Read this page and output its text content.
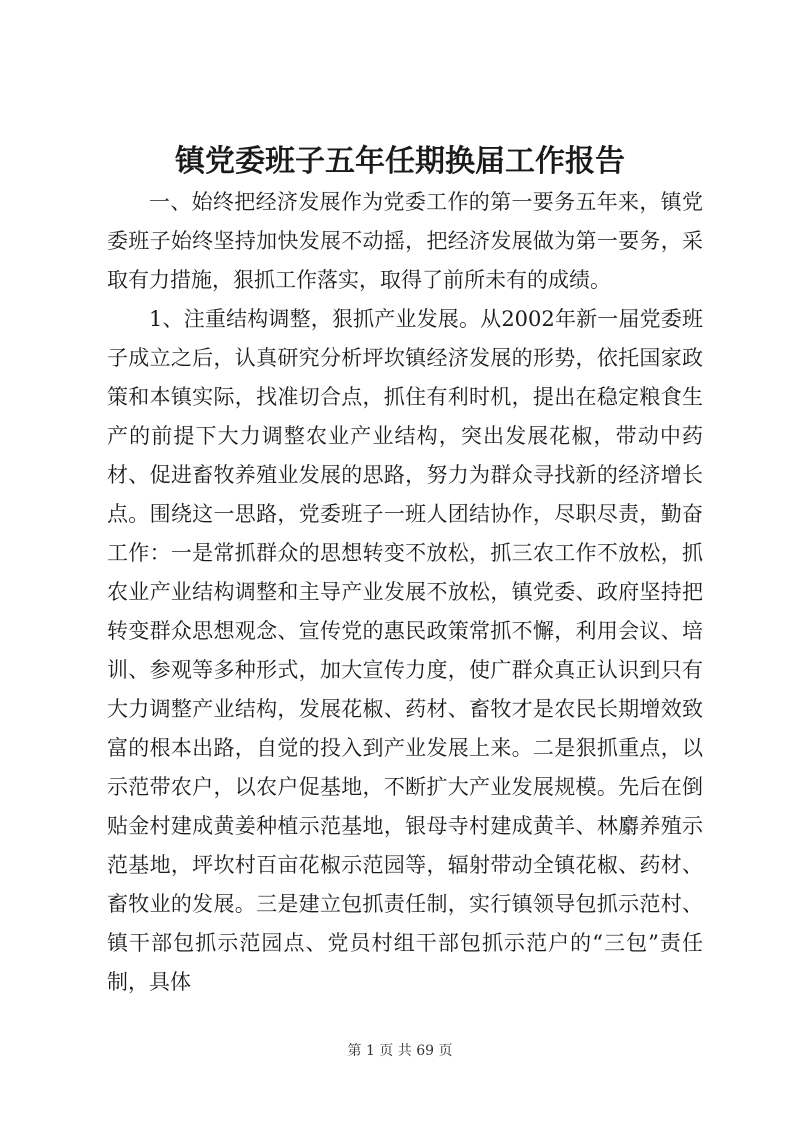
镇党委班子五年任期换届工作报告

一、始终把经济发展作为党委工作的第一要务五年来，镇党委班子始终坚持加快发展不动摇，把经济发展做为第一要务，采取有力措施，狠抓工作落实，取得了前所未有的成绩。

1、注重结构调整，狠抓产业发展。从2002年新一届党委班子成立之后，认真研究分析坪坎镇经济发展的形势，依托国家政策和本镇实际，找准切合点，抓住有利时机，提出在稳定粮食生产的前提下大力调整农业产业结构，突出发展花椒，带动中药材、促进畜牧养殖业发展的思路，努力为群众寻找新的经济增长点。围绕这一思路，党委班子一班人团结协作，尽职尽责，勤奋工作：一是常抓群众的思想转变不放松，抓三农工作不放松，抓农业产业结构调整和主导产业发展不放松，镇党委、政府坚持把转变群众思想观念、宣传党的惠民政策常抓不懈，利用会议、培训、参观等多种形式，加大宣传力度，使广群众真正认识到只有大力调整产业结构，发展花椒、药材、畜牧才是农民长期增效致富的根本出路，自觉的投入到产业发展上来。二是狠抓重点，以示范带农户，以农户促基地，不断扩大产业发展规模。先后在倒贴金村建成黄姜种植示范基地，银母寺村建成黄羊、林麝养殖示范基地，坪坎村百亩花椒示范园等，辐射带动全镇花椒、药材、畜牧业的发展。三是建立包抓责任制，实行镇领导包抓示范村、镇干部包抓示范园点、党员村组干部包抓示范户的“三包”责任制，具体

第 1 页 共 69 页
